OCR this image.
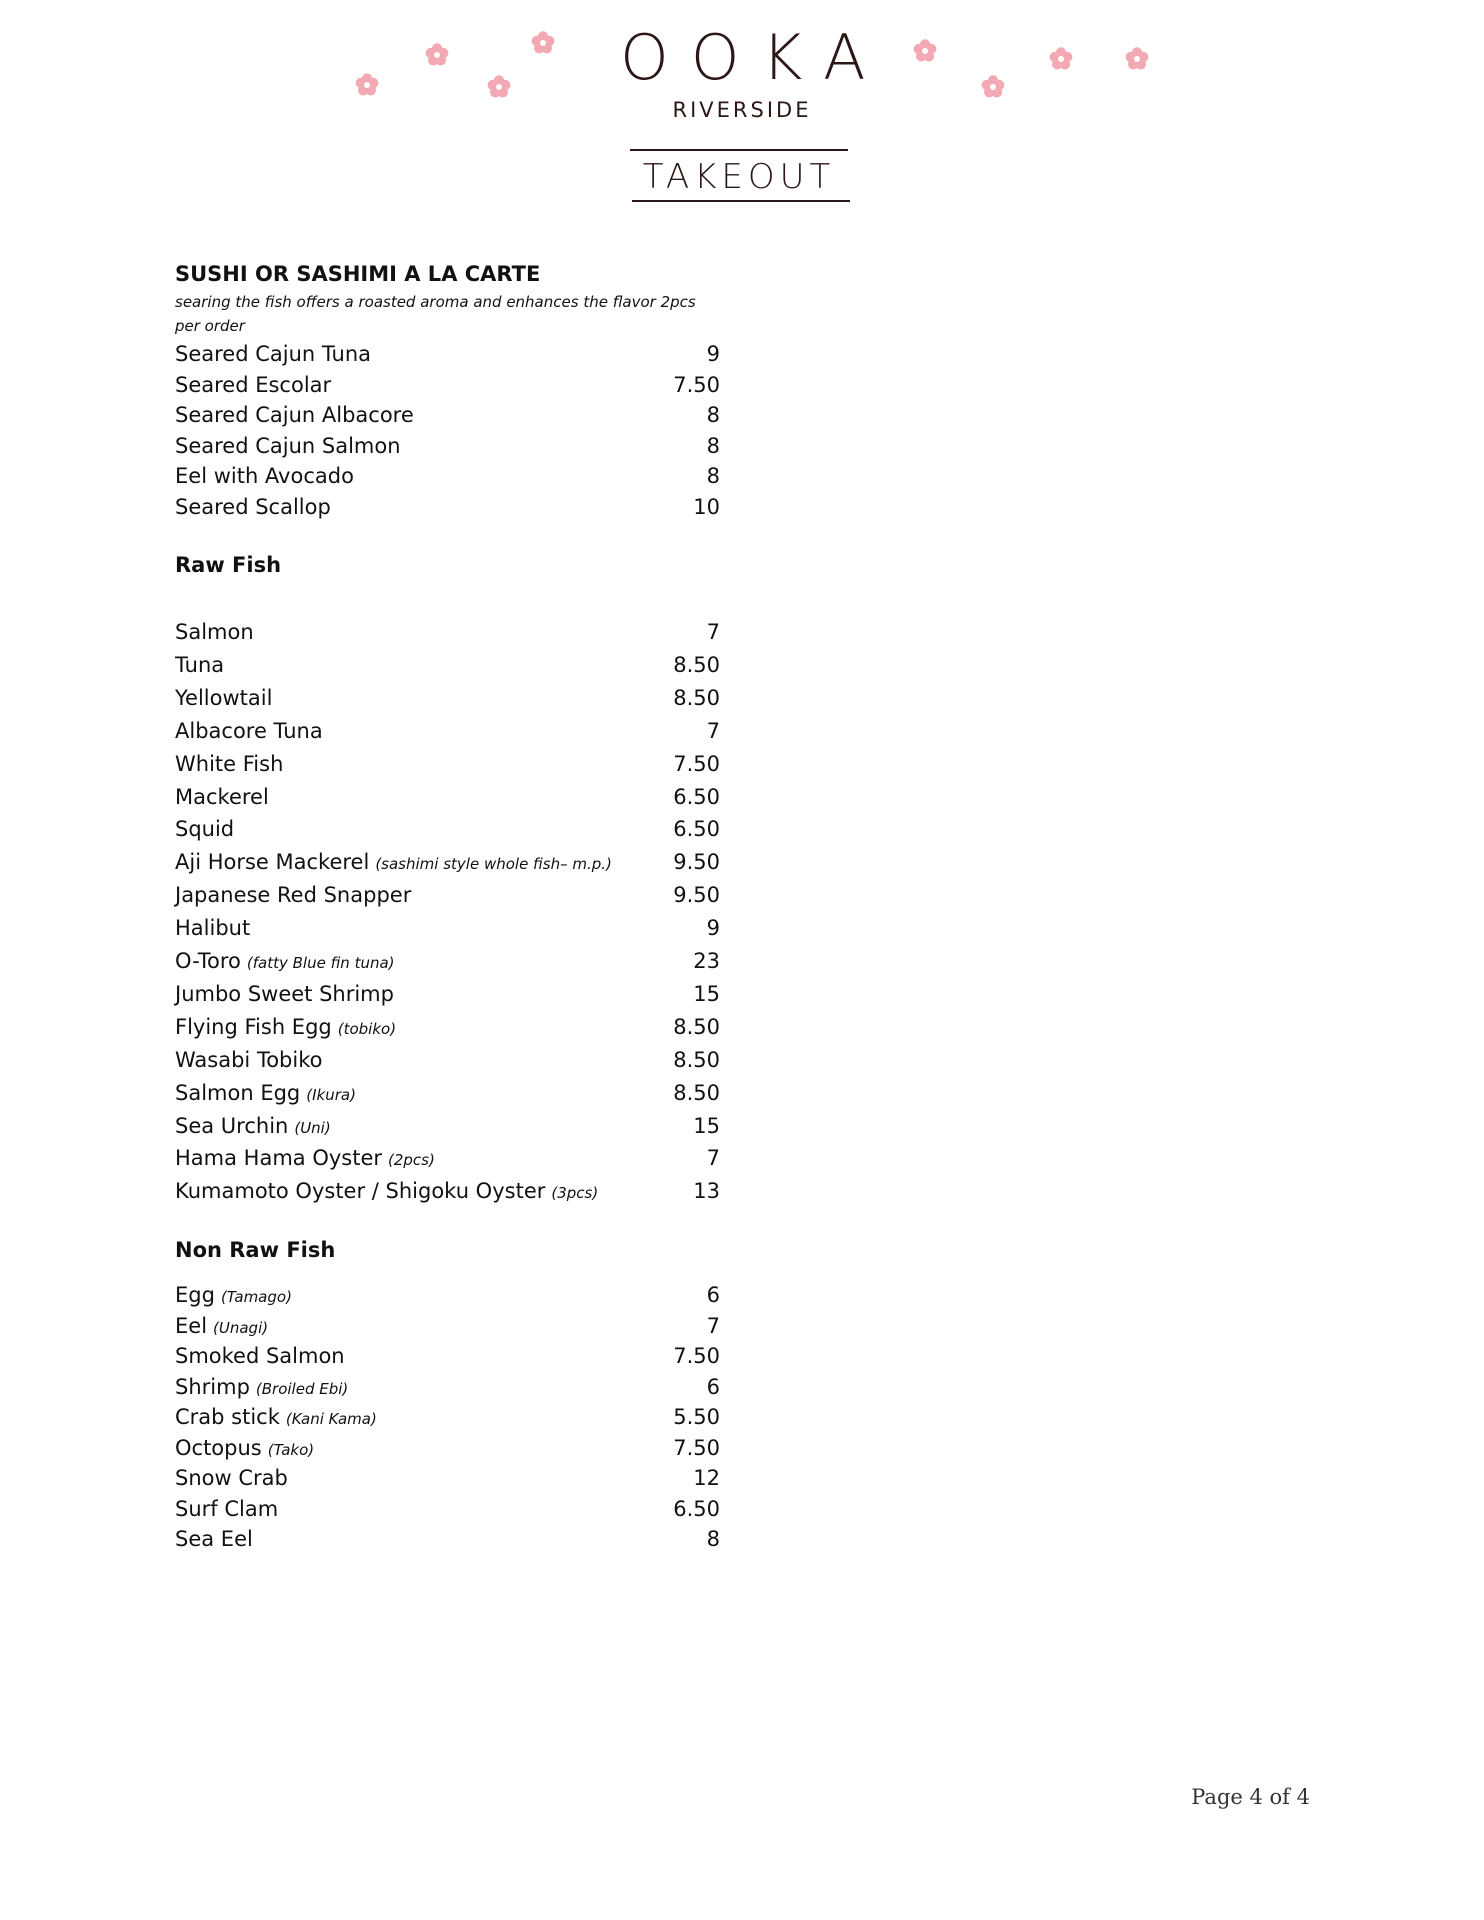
OOKA
RIVERSIDE
TAKEOUT
SUSHI OR SASHIMI A LA CARTE
searing the fish offers a roasted aroma and enhances the flavor 2pcs per order
Seared Cajun Tuna	9
Seared Escolar	7.50
Seared Cajun Albacore	8
Seared Cajun Salmon	8
Eel with Avocado	8
Seared Scallop	10
Raw Fish
Salmon	7
Tuna	8.50
Yellowtail	8.50
Albacore Tuna	7
White Fish	7.50
Mackerel	6.50
Squid	6.50
Aji Horse Mackerel (sashimi style whole fish– m.p.)	9.50
Japanese Red Snapper	9.50
Halibut	9
O-Toro (fatty Blue fin tuna)	23
Jumbo Sweet Shrimp	15
Flying Fish Egg (tobiko)	8.50
Wasabi Tobiko	8.50
Salmon Egg (Ikura)	8.50
Sea Urchin (Uni)	15
Hama Hama Oyster (2pcs)	7
Kumamoto Oyster / Shigoku Oyster (3pcs)	13
Non Raw Fish
Egg (Tamago)	6
Eel (Unagi)	7
Smoked Salmon	7.50
Shrimp (Broiled Ebi)	6
Crab stick (Kani Kama)	5.50
Octopus (Tako)	7.50
Snow Crab	12
Surf Clam	6.50
Sea Eel	8
Page 4 of 4
